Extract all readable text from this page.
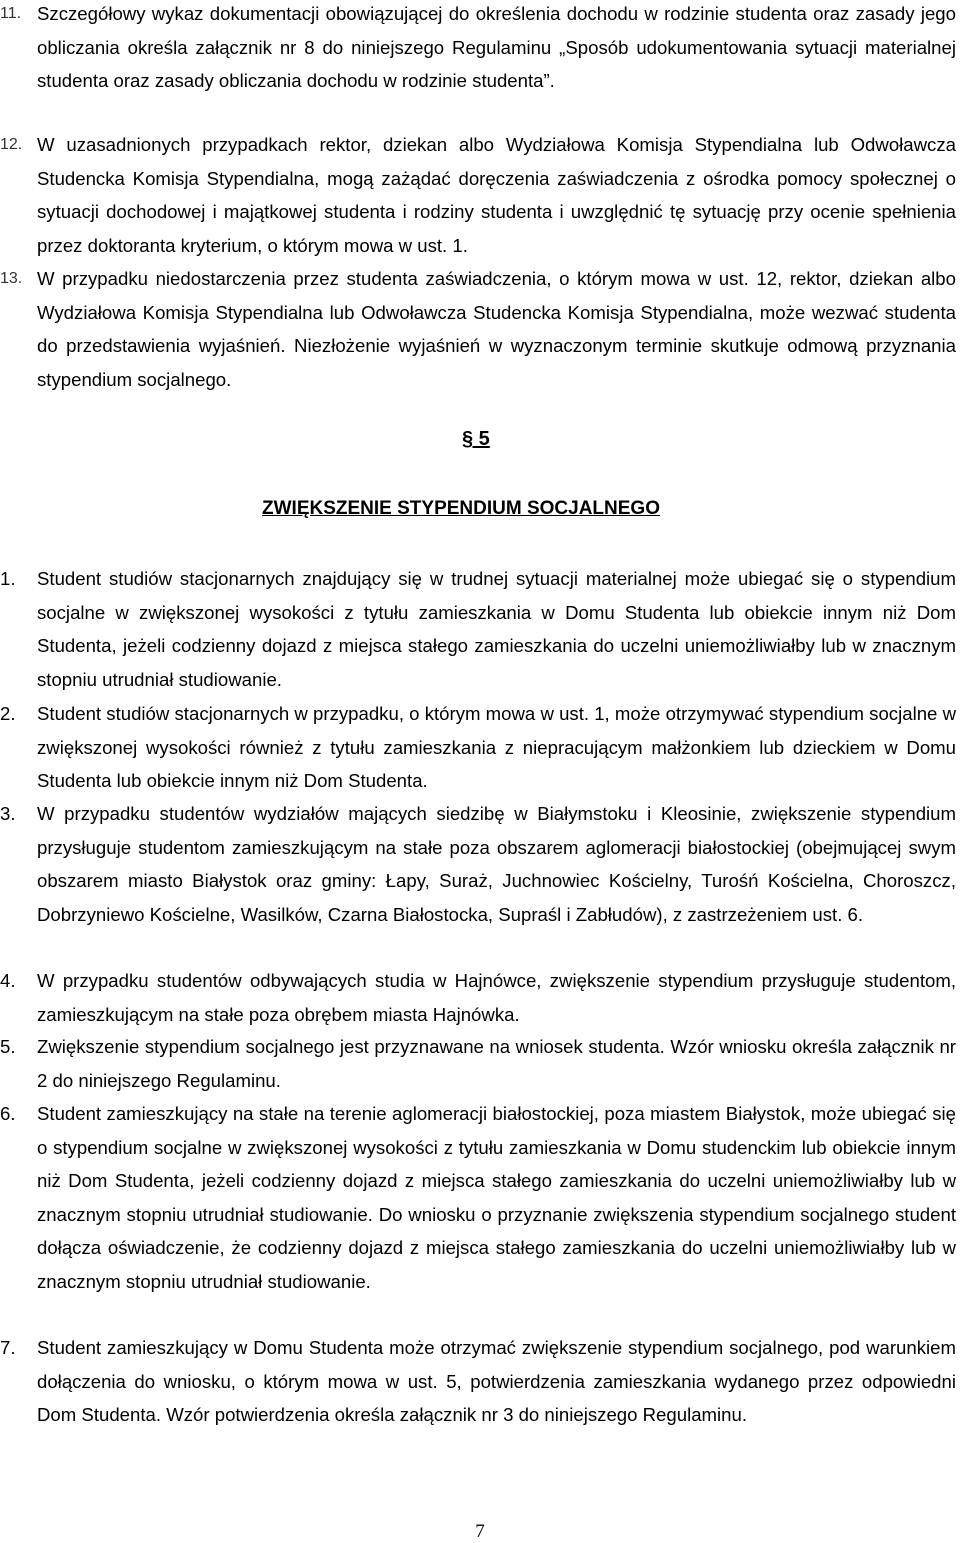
11. Szczegółowy wykaz dokumentacji obowiązującej do określenia dochodu w rodzinie studenta oraz zasady jego obliczania określa załącznik nr 8 do niniejszego Regulaminu „Sposób udokumentowania sytuacji materialnej studenta oraz zasady obliczania dochodu w rodzinie studenta”.
12. W uzasadnionych przypadkach rektor, dziekan albo Wydziałowa Komisja Stypendialna lub Odwoławcza Studencka Komisja Stypendialna, mogą zażądać doręczenia zaświadczenia z ośrodka pomocy społecznej o sytuacji dochodowej i majątkowej studenta i rodziny studenta i uwzględnić tę sytuację przy ocenie spełnienia przez doktoranta kryterium, o którym mowa w ust. 1.
13. W przypadku niedostarczenia przez studenta zaświadczenia, o którym mowa w ust. 12, rektor, dziekan albo Wydziałowa Komisja Stypendialna lub Odwoławcza Studencka Komisja Stypendialna, może wezwać studenta do przedstawienia wyjaśnień. Niezłożenie wyjaśnień w wyznaczonym terminie skutkuje odmową przyznania stypendium socjalnego.
§ 5
ZWIĘKSZENIE STYPENDIUM SOCJALNEGO
1.	Student studiów stacjonarnych znajdujący się w trudnej sytuacji materialnej może ubiegać się o stypendium socjalne w zwiększonej wysokości z tytułu zamieszkania w Domu Studenta lub obiekcie innym niż Dom Studenta, jeżeli codzienny dojazd z miejsca stałego zamieszkania do uczelni uniemożliwiałby lub w znacznym stopniu utrudniał studiowanie.
2.	Student studiów stacjonarnych w przypadku, o którym mowa w ust. 1, może otrzymywać stypendium socjalne w zwiększonej wysokości również z tytułu zamieszkania z niepracującym małżonkiem lub dzieckiem w Domu Studenta lub obiekcie innym niż Dom Studenta.
3.	W przypadku studentów wydziałów mających siedzibę w Białymstoku i Kleosinie, zwiększenie stypendium przysługuje studentom zamieszkującym na stałe poza obszarem aglomeracji białostockiej (obejmującej swym obszarem miasto Białystok oraz gminy: Łapy, Suraż, Juchnowiec Kościelny, Turośń Kościelna, Choroszcz, Dobrzyniewo Kościelne, Wasilków, Czarna Białostocka, Supraśl i Zabłudów), z zastrzeżeniem ust. 6.
4.	W przypadku studentów odbywających studia w Hajnówce, zwiększenie stypendium przysługuje studentom, zamieszkującym na stałe poza obrębem miasta Hajnówka.
5.	Zwiększenie stypendium socjalnego jest przyznawane na wniosek studenta. Wzór wniosku określa załącznik nr 2 do niniejszego Regulaminu.
6.	Student zamieszkujący na stałe na terenie aglomeracji białostockiej, poza miastem Białystok, może ubiegać się o stypendium socjalne w zwiększonej wysokości z tytułu zamieszkania w Domu studenckim lub obiekcie innym niż Dom Studenta, jeżeli codzienny dojazd z miejsca stałego zamieszkania do uczelni uniemożliwiałby lub w znacznym stopniu utrudniał studiowanie. Do wniosku o przyznanie zwiększenia stypendium socjalnego student dołącza oświadczenie, że codzienny dojazd z miejsca stałego zamieszkania do uczelni uniemożliwiałby lub w znacznym stopniu utrudniał studiowanie.
7.	Student zamieszkujący w Domu Studenta może otrzymać zwiększenie stypendium socjalnego, pod warunkiem dołączenia do wniosku, o którym mowa w ust. 5, potwierdzenia zamieszkania wydanego przez odpowiedni Dom Studenta. Wzór potwierdzenia określa załącznik nr 3 do niniejszego Regulaminu.
7
